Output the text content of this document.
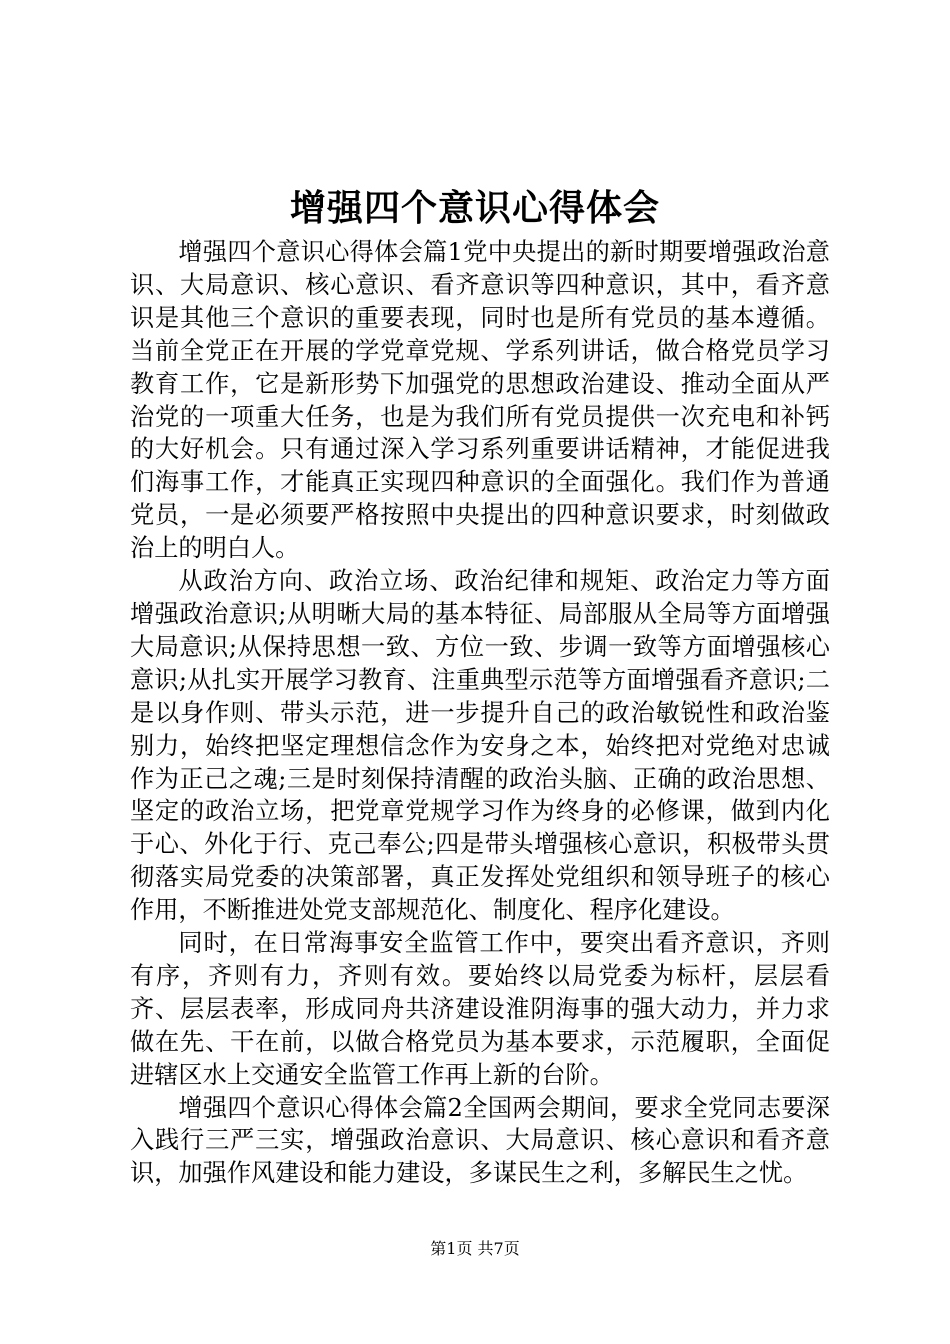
增强四个意识心得体会

增强四个意识心得体会篇1党中央提出的新时期要增强政治意识、大局意识、核心意识、看齐意识等四种意识，其中，看齐意识是其他三个意识的重要表现，同时也是所有党员的基本遵循。当前全党正在开展的学党章党规、学系列讲话，做合格党员学习教育工作，它是新形势下加强党的思想政治建设、推动全面从严治党的一项重大任务，也是为我们所有党员提供一次充电和补钙的大好机会。只有通过深入学习系列重要讲话精神，才能促进我们海事工作，才能真正实现四种意识的全面强化。我们作为普通党员，一是必须要严格按照中央提出的四种意识要求，时刻做政治上的明白人。

从政治方向、政治立场、政治纪律和规矩、政治定力等方面增强政治意识;从明晰大局的基本特征、局部服从全局等方面增强大局意识;从保持思想一致、方位一致、步调一致等方面增强核心意识;从扎实开展学习教育、注重典型示范等方面增强看齐意识;二是以身作则、带头示范，进一步提升自己的政治敏锐性和政治鉴别力，始终把坚定理想信念作为安身之本，始终把对党绝对忠诚作为正己之魂;三是时刻保持清醒的政治头脑、正确的政治思想、坚定的政治立场，把党章党规学习作为终身的必修课，做到内化于心、外化于行、克己奉公;四是带头增强核心意识，积极带头贯彻落实局党委的决策部署，真正发挥处党组织和领导班子的核心作用，不断推进处党支部规范化、制度化、程序化建设。

同时，在日常海事安全监管工作中，要突出看齐意识，齐则有序，齐则有力，齐则有效。要始终以局党委为标杆，层层看齐、层层表率，形成同舟共济建设淮阴海事的强大动力，并力求做在先、干在前，以做合格党员为基本要求，示范履职，全面促进辖区水上交通安全监管工作再上新的台阶。

增强四个意识心得体会篇2全国两会期间，要求全党同志要深入践行三严三实，增强政治意识、大局意识、核心意识和看齐意识，加强作风建设和能力建设，多谋民生之利，多解民生之忧。

第1页 共7页
